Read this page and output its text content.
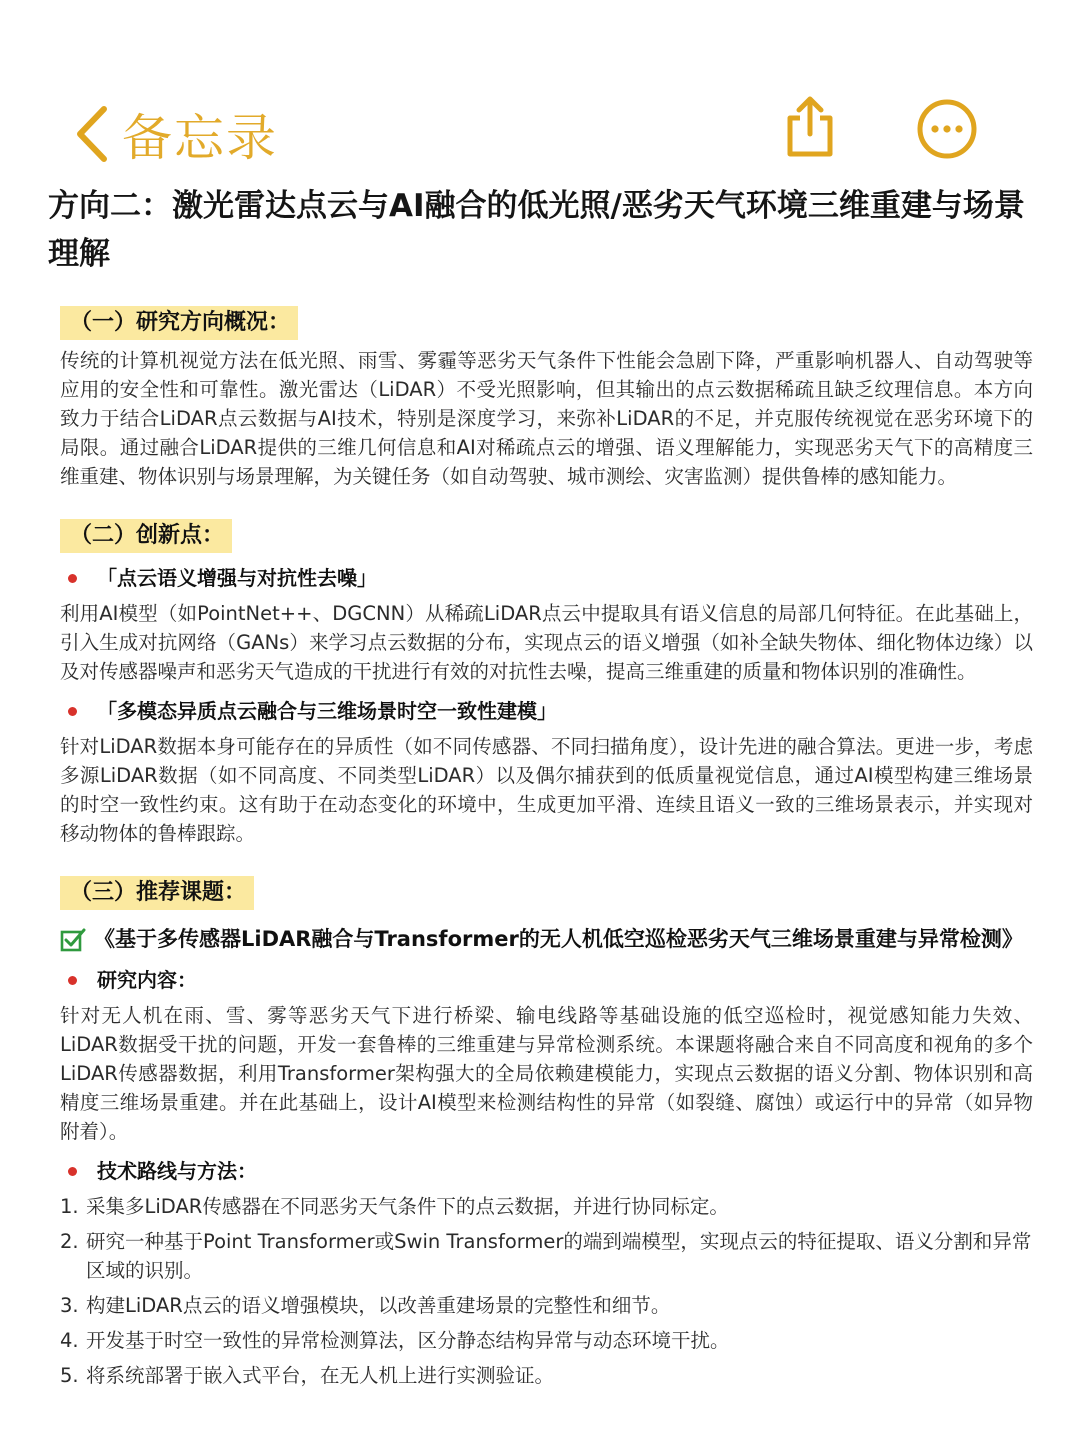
备忘录
方向二：激光雷达点云与AI融合的低光照/恶劣天气环境三维重建与场景理解
（一）研究方向概况：

传统的计算机视觉方法在低光照、雨雪、雾霾等恶劣天气条件下性能会急剧下降，严重影响机器人、自动驾驶等应用的安全性和可靠性。激光雷达（LiDAR）不受光照影响，但其输出的点云数据稀疏且缺乏纹理信息。本方向致力于结合LiDAR点云数据与AI技术，特别是深度学习，来弥补LiDAR的不足，并克服传统视觉在恶劣环境下的局限。通过融合LiDAR提供的三维几何信息和AI对稀疏点云的增强、语义理解能力，实现恶劣天气下的高精度三维重建、物体识别与场景理解，为关键任务（如自动驾驶、城市测绘、灾害监测）提供鲁棒的感知能力。

（二）创新点：
「点云语义增强与对抗性去噪」

利用AI模型（如PointNet++、DGCNN）从稀疏LiDAR点云中提取具有语义信息的局部几何特征。在此基础上，引入生成对抗网络（GANs）来学习点云数据的分布，实现点云的语义增强（如补全缺失物体、细化物体边缘）以及对传感器噪声和恶劣天气造成的干扰进行有效的对抗性去噪，提高三维重建的质量和物体识别的准确性。

「多模态异质点云融合与三维场景时空一致性建模」

针对LiDAR数据本身可能存在的异质性（如不同传感器、不同扫描角度），设计先进的融合算法。更进一步，考虑多源LiDAR数据（如不同高度、不同类型LiDAR）以及偶尔捕获到的低质量视觉信息，通过AI模型构建三维场景的时空一致性约束。这有助于在动态变化的环境中，生成更加平滑、连续且语义一致的三维场景表示，并实现对移动物体的鲁棒跟踪。

（三）推荐课题：
《基于多传感器LiDAR融合与Transformer的无人机低空巡检恶劣天气三维场景重建与异常检测》
研究内容：

针对无人机在雨、雪、雾等恶劣天气下进行桥梁、输电线路等基础设施的低空巡检时，视觉感知能力失效、LiDAR数据受干扰的问题，开发一套鲁棒的三维重建与异常检测系统。本课题将融合来自不同高度和视角的多个LiDAR传感器数据，利用Transformer架构强大的全局依赖建模能力，实现点云数据的语义分割、物体识别和高精度三维场景重建。并在此基础上，设计AI模型来检测结构性的异常（如裂缝、腐蚀）或运行中的异常（如异物附着）。

技术路线与方法：
1. 采集多LiDAR传感器在不同恶劣天气条件下的点云数据，并进行协同标定。
2. 研究一种基于Point Transformer或Swin Transformer的端到端模型，实现点云的特征提取、语义分割和异常区域的识别。
3. 构建LiDAR点云的语义增强模块，以改善重建场景的完整性和细节。
4. 开发基于时空一致性的异常检测算法，区分静态结构异常与动态环境干扰。
5. 将系统部署于嵌入式平台，在无人机上进行实测验证。
